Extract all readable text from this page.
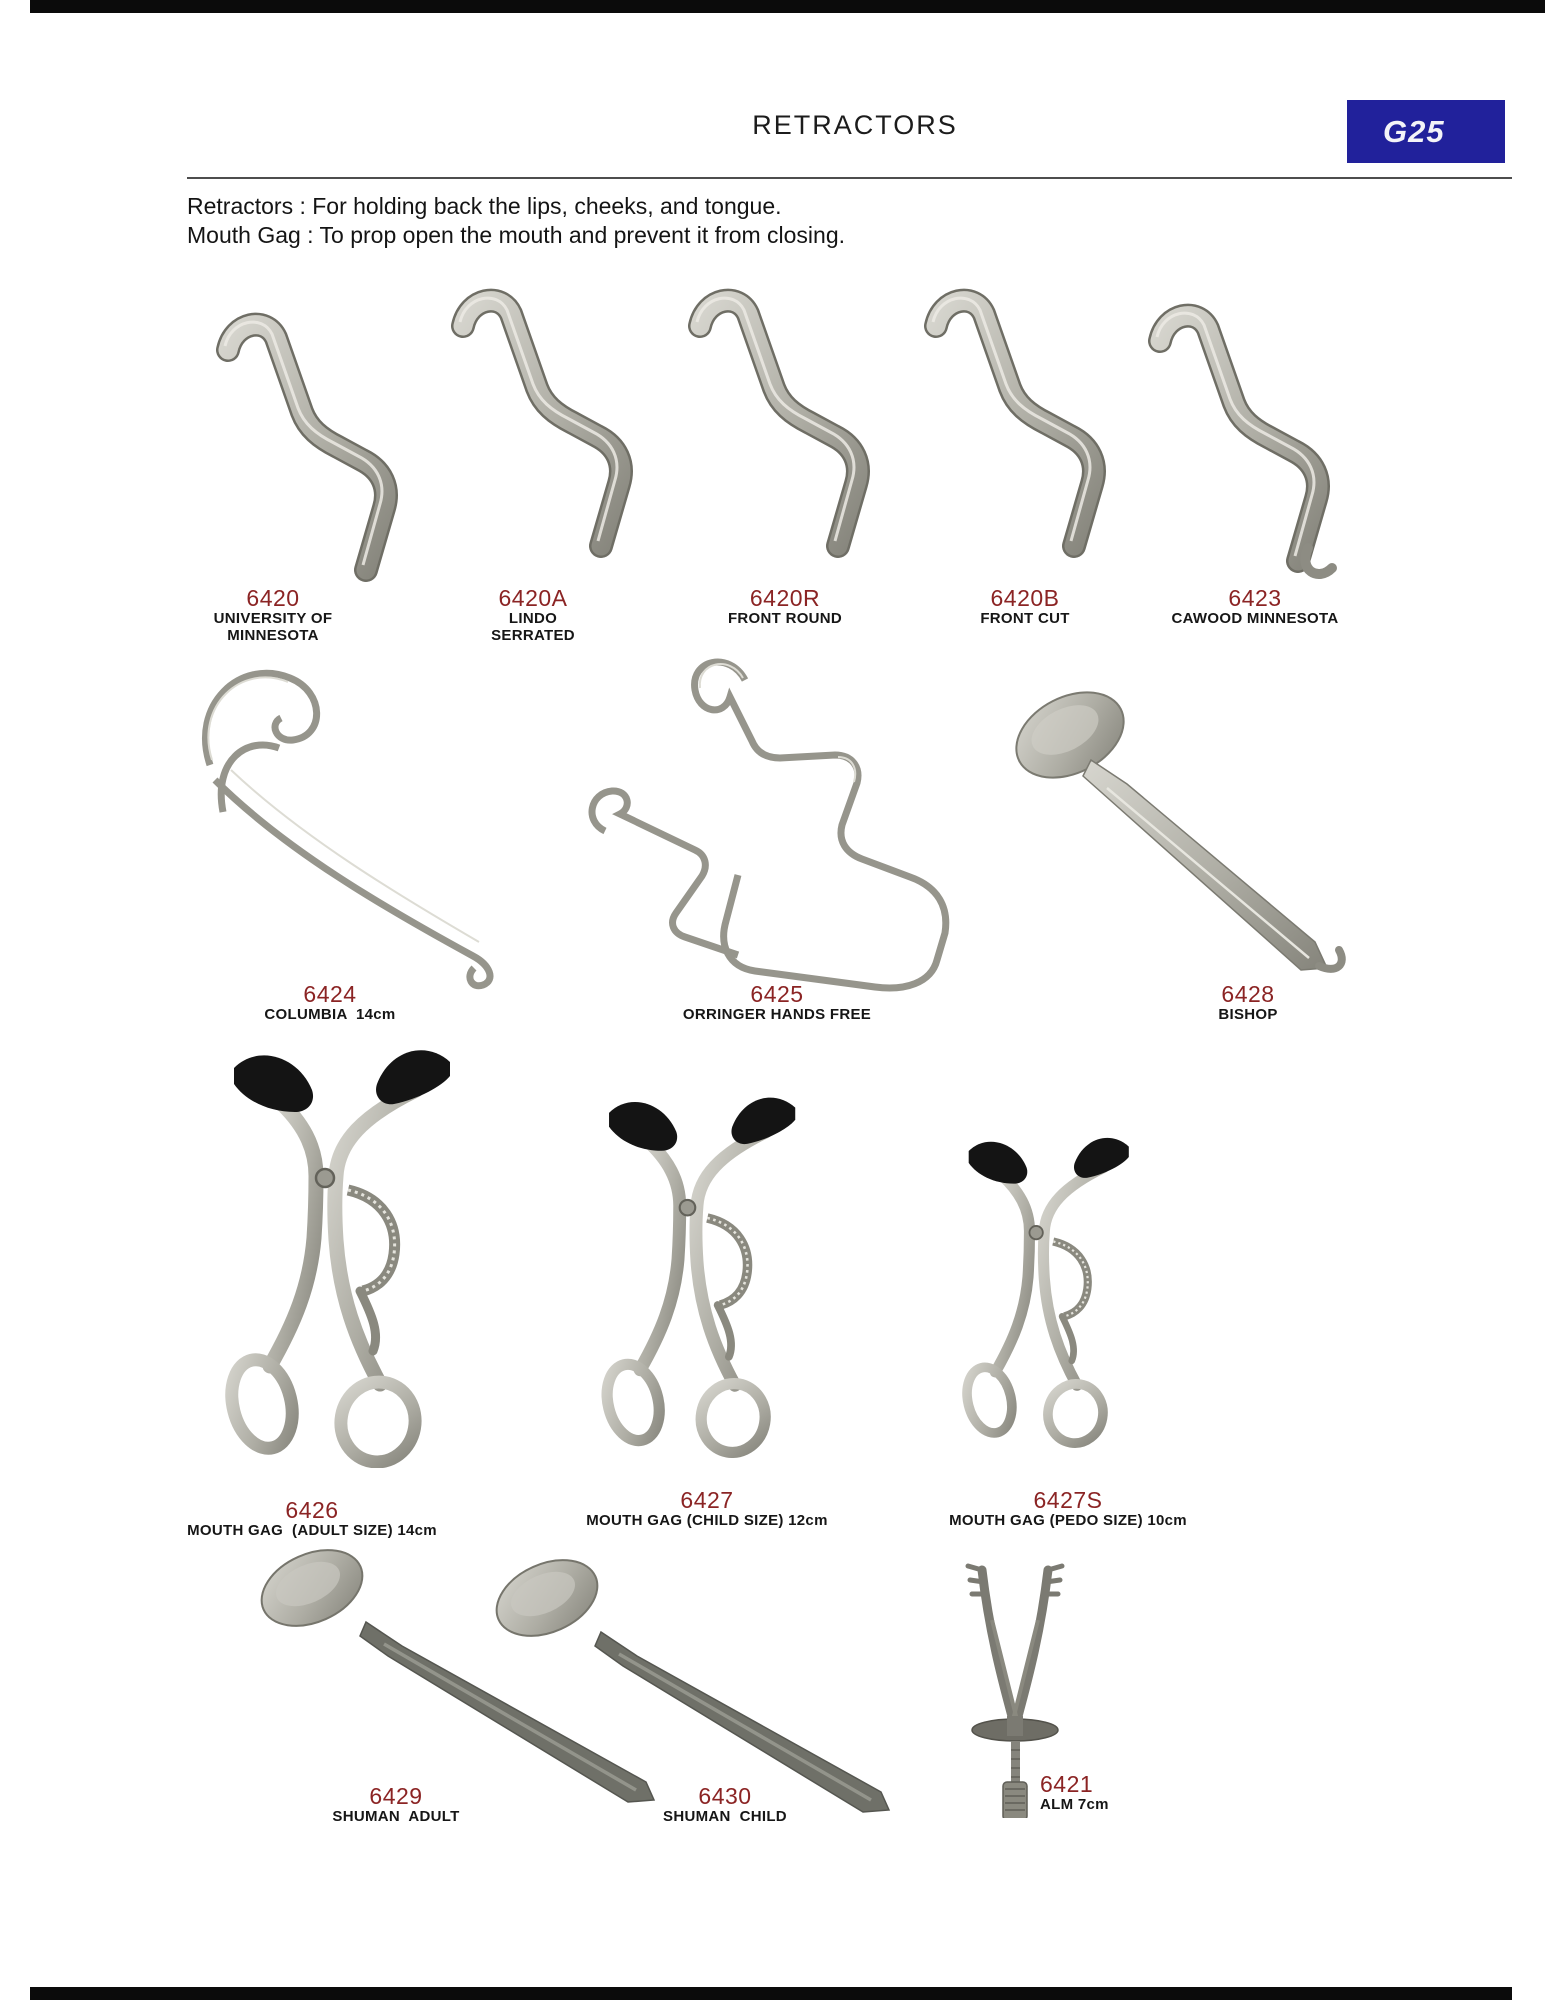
RETRACTORS	G25
Retractors : For holding back the lips, cheeks, and tongue.
Mouth Gag : To prop open the mouth and prevent it from closing.
6420
UNIVERSITY OF
MINNESOTA
6420A
LINDO
SERRATED
6420R
FRONT ROUND
6420B
FRONT CUT
6423
CAWOOD MINNESOTA
6424
COLUMBIA  14cm
6425
ORRINGER HANDS FREE
6428
BISHOP
6426
MOUTH GAG  (ADULT SIZE) 14cm
6427
MOUTH GAG (CHILD SIZE) 12cm
6427S
MOUTH GAG (PEDO SIZE) 10cm
6429
SHUMAN  ADULT
6430
SHUMAN  CHILD
6421
ALM 7cm
